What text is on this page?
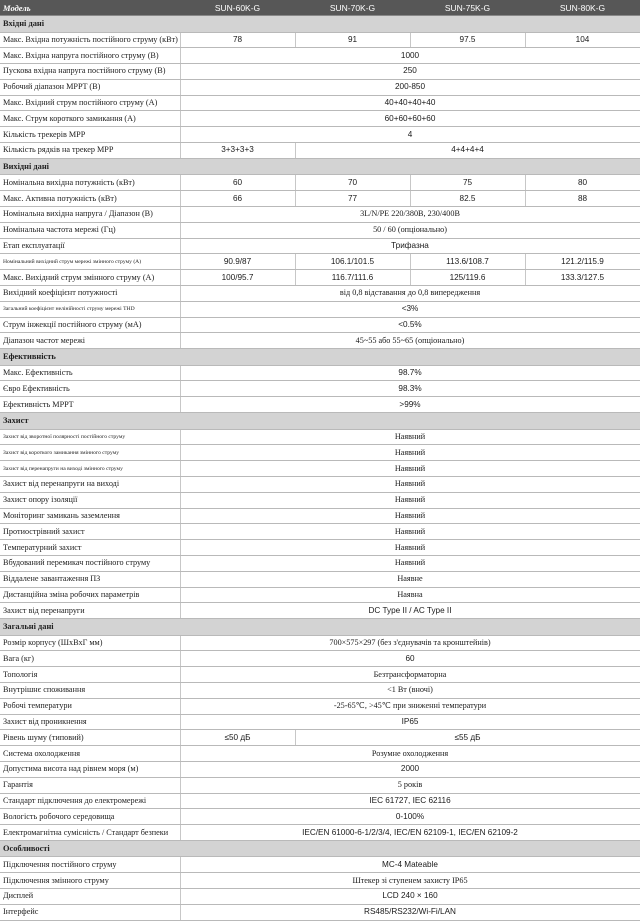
Модель	SUN-60K-G	SUN-70K-G	SUN-75K-G	SUN-80K-G
Вхідні дані				
Макс. Вхідна потужність постійного струму (кВт)	78	91	97.5	104
Макс. Вхідна напруга постійного струму (В)	1000			
Пускова вхідна напруга постійного струму (В)	250			
Робочий діапазон MPPT (В)	200-850			
Макс. Вхідний струм постійного струму (A)	40+40+40+40			
Макс. Струм короткого замикання (A)	60+60+60+60			
Кількість трекерів MPP	4			
Кількість рядків на трекер MPP	3+3+3+3	4+4+4+4		
Вихідні дані				
Номінальна вихідна потужність (кВт)	60	70	75	80
Макс. Активна потужність (кВт)	66	77	82.5	88
Номінальна вихідна напруга / Діапазон (В)	3L/N/PE 220/380В, 230/400В			
Номінальна частота мережі (Гц)	50 / 60 (опціонально)			
Етап експлуатації	Трифазна			
Номінальний вихідний струм мережі змінного струму (A)	90.9/87	106.1/101.5	113.6/108.7	121.2/115.9
Макс. Вихідний струм змінного струму (A)	100/95.7	116.7/111.6	125/119.6	133.3/127.5
Вихідний коефіцієнт потужності	від 0,8 відставання до 0,8 випередження			
Загальний коефіцієнт нелінійності струму мережі THD	<3%			
Струм інжекції постійного струму (мA)	<0.5%			
Діапазон частот мережі	45~55 або 55~65 (опціонально)			
Ефективність				
Макс. Ефективність	98.7%			
Євро Ефективність	98.3%			
Ефективність MPPT	>99%			
Захист				
Захист від зворотної полярності постійного струму	Наявний			
Захист від короткого замикання змінного струму	Наявний			
Захист від перенапруги на виході змінного струму	Наявний			
Захист від перенапруги на виході	Наявний			
Захист опору ізоляції	Наявний			
Моніторинг замикань заземлення	Наявний			
Протиострівний захист	Наявний			
Температурний захист	Наявний			
Вбудований перемикач постійного струму	Наявний			
Віддалене завантаження ПЗ	Наявне			
Дистанційна зміна робочих параметрів	Наявна			
Захист від перенапруги	DC Type II / AC Type II			
Загальні дані				
Розмір корпусу (ШхВхГ мм)	700×575×297 (без з'єднувачів та кронштейнів)			
Вага (кг)	60			
Топологія	Безтрансформаторна			
Внутрішнє споживання	<1 Вт (вночі)			
Робочі температури	-25-65℃, >45℃ при зниженні температури			
Захист від проникнення	IP65			
Рівень шуму (типовий)	≤50 дБ	≤55 дБ		
Система охолодження	Розумне охолодження			
Допустима висота над рівнем моря (м)	2000			
Гарантія	5 років			
Стандарт підключення до електромережі	IEC 61727, IEC 62116			
Вологість робочого середовища	0-100%			
Електромагнітна сумісність / Стандарт безпеки	IEC/EN 61000-6-1/2/3/4, IEC/EN 62109-1, IEC/EN 62109-2			
Особливості				
Підключення постійного струму	MC-4 Mateable			
Підключення змінного струму	Штекер зі ступенем захисту IP65			
Дисплей	LCD 240 × 160			
Інтерфейс	RS485/RS232/Wi-Fi/LAN			
